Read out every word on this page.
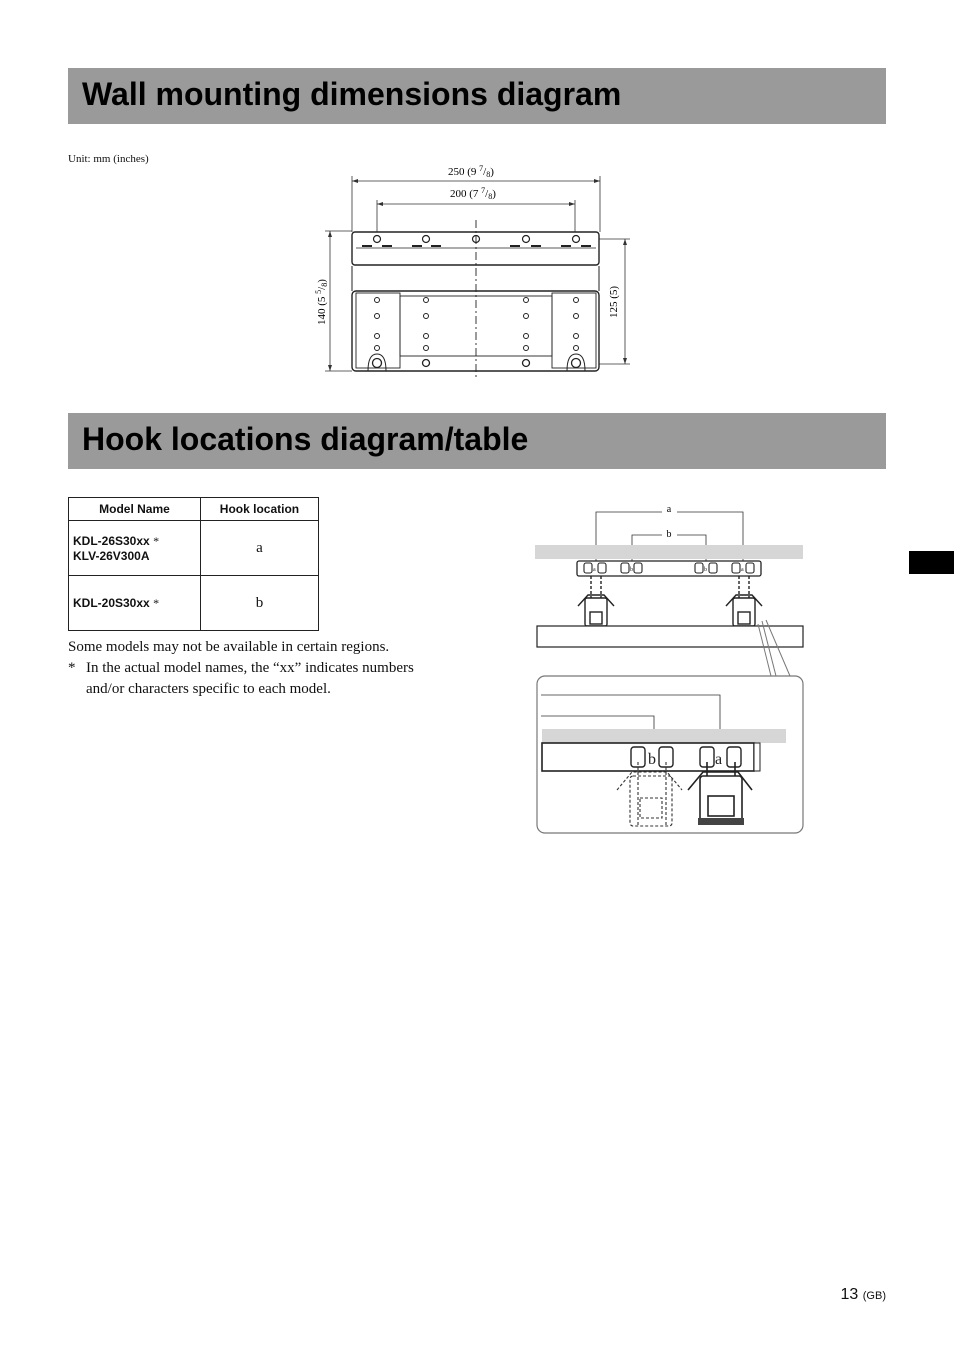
Wall mounting dimensions diagram
Unit: mm (inches)
250 (9 $^7$/8)
200 (7 $^7$/8)
140 (5 $^5$/8)
125 (5)
Hook locations diagram/table
Model Name	Hook location
KDL-26S30xx *
KLV-26V300A	a
KDL-20S30xx *	b

Some models may not be available in certain regions.

* In the actual model names, the “xx” indicates numbers and/or characters specific to each model.

a
b
a	b	b	a
b	a
13 (GB)
